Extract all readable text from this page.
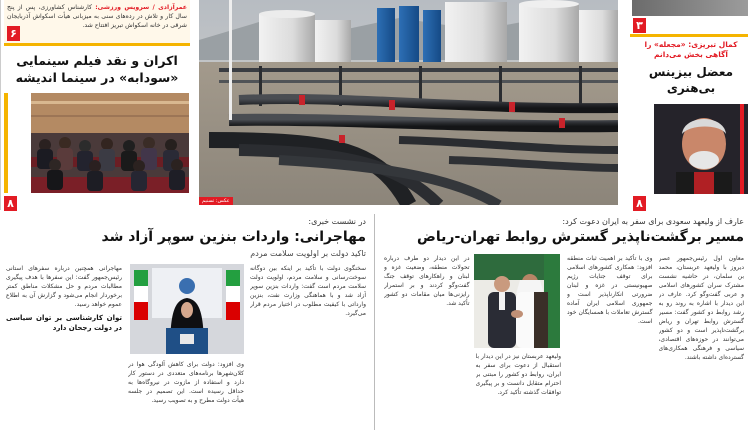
عمرآزادی / سرویس ورزشی: کارشناس کشاورزی، پس از پنج سال کار و تلاش در رده‌های سنی به میزبانی هیأت اسکواش آذربایجان شرقی در خانه اسکواش تبریز افتتاح شد.
۶
اکران و نقد فیلم سینمایی
«سودابه» در سینما اندیشه
۸	عکس: تسنیم
۳
کمال تبریزی: «مجعله» را آگاهی بخش می‌دانم
معضل بیزینس
بی‌هنری
۸
عارف از ولیعهد سعودی برای سفر به ایران دعوت کرد:
مسیر برگشت‌ناپذیر گسترش روابط تهران-ریاض
معاون اول رئیس‌جمهور عصر دیروز با ولیعهد عربستان، محمد بن سلمان، در حاشیه نشست مشترک سران کشورهای اسلامی و عربی گفت‌وگو کرد. عارف در این دیدار با اشاره به روند رو به رشد روابط دو کشور گفت: مسیر گسترش روابط تهران و ریاض برگشت‌ناپذیر است و دو کشور می‌توانند در حوزه‌های اقتصادی، سیاسی و فرهنگی همکاری‌های گسترده‌ای داشته باشند.
وی با تأکید بر اهمیت ثبات منطقه افزود: همکاری کشورهای اسلامی برای توقف جنایات رژیم صهیونیستی در غزه و لبنان ضرورتی انکارناپذیر است و جمهوری اسلامی ایران آماده گسترش تعاملات با همسایگان خود است.
ولیعهد عربستان نیز در این دیدار با استقبال از دعوت برای سفر به ایران، روابط دو کشور را مبتنی بر احترام متقابل دانست و بر پیگیری توافقات گذشته تأکید کرد.
در این دیدار دو طرف درباره تحولات منطقه، وضعیت غزه و لبنان و راهکارهای توقف جنگ گفت‌وگو کردند و بر استمرار رایزنی‌ها میان مقامات دو کشور تأکید شد.
در نشست خبری:
مهاجرانی: واردات بنزین سوپر آزاد شد
تاکید دولت بر اولویت سلامت مردم
سخنگوی دولت با تأکید بر اینکه بین دوگانه سوخت‌رسانی و سلامت مردم، اولویت دولت سلامت مردم است گفت: واردات بنزین سوپر آزاد شد و با هماهنگی وزارت نفت، بنزین وارداتی با کیفیت مطلوب در اختیار مردم قرار می‌گیرد.
وی افزود: دولت برای کاهش آلودگی هوا در کلان‌شهرها برنامه‌های متعددی در دستور کار دارد و استفاده از مازوت در نیروگاه‌ها به حداقل رسیده است. این تصمیم در جلسه هیأت دولت مطرح و به تصویب رسید.
مهاجرانی همچنین درباره سفرهای استانی رئیس‌جمهور گفت: این سفرها با هدف پیگیری مطالبات مردم و حل مشکلات مناطق کمتر برخوردار انجام می‌شود و گزارش آن به اطلاع عموم خواهد رسید.
توان کارشناسی بر توان سیاسی در دولت رجحان دارد
